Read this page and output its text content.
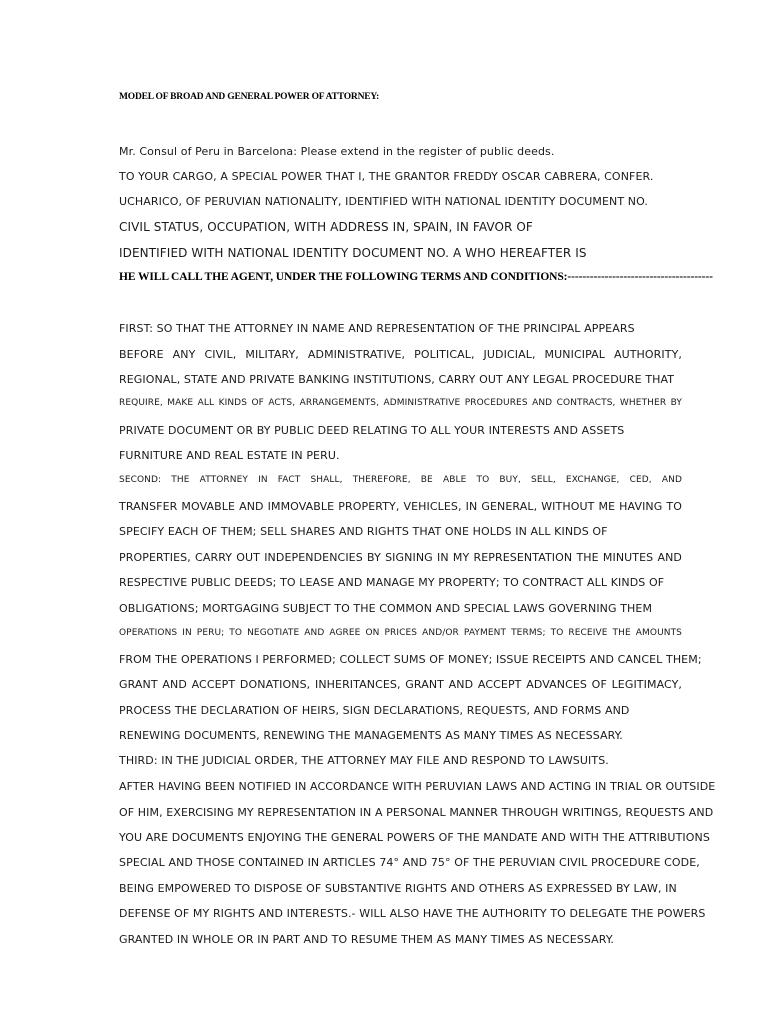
MODEL OF BROAD AND GENERAL POWER OF ATTORNEY:
Mr. Consul of Peru in Barcelona: Please extend in the register of public deeds.
TO YOUR CARGO, A SPECIAL POWER THAT I, THE GRANTOR FREDDY OSCAR CABRERA, CONFER.
UCHARICO, OF PERUVIAN NATIONALITY, IDENTIFIED WITH NATIONAL IDENTITY DOCUMENT NO.
CIVIL STATUS, OCCUPATION, WITH ADDRESS IN, SPAIN, IN FAVOR OF
IDENTIFIED WITH NATIONAL IDENTITY DOCUMENT NO. A WHO HEREAFTER IS
HE WILL CALL THE AGENT, UNDER THE FOLLOWING TERMS AND CONDITIONS:---------------------------------------
FIRST: SO THAT THE ATTORNEY IN NAME AND REPRESENTATION OF THE PRINCIPAL APPEARS
BEFORE ANY CIVIL, MILITARY, ADMINISTRATIVE, POLITICAL, JUDICIAL, MUNICIPAL AUTHORITY,
REGIONAL, STATE AND PRIVATE BANKING INSTITUTIONS, CARRY OUT ANY LEGAL PROCEDURE THAT
REQUIRE, MAKE ALL KINDS OF ACTS, ARRANGEMENTS, ADMINISTRATIVE PROCEDURES AND CONTRACTS, WHETHER BY
PRIVATE DOCUMENT OR BY PUBLIC DEED RELATING TO ALL YOUR INTERESTS AND ASSETS
FURNITURE AND REAL ESTATE IN PERU.
SECOND: THE ATTORNEY IN FACT SHALL, THEREFORE, BE ABLE TO BUY, SELL, EXCHANGE, CED, AND
TRANSFER MOVABLE AND IMMOVABLE PROPERTY, VEHICLES, IN GENERAL, WITHOUT ME HAVING TO
SPECIFY EACH OF THEM; SELL SHARES AND RIGHTS THAT ONE HOLDS IN ALL KINDS OF
PROPERTIES, CARRY OUT INDEPENDENCIES BY SIGNING IN MY REPRESENTATION THE MINUTES AND
RESPECTIVE PUBLIC DEEDS; TO LEASE AND MANAGE MY PROPERTY; TO CONTRACT ALL KINDS OF
OBLIGATIONS; MORTGAGING SUBJECT TO THE COMMON AND SPECIAL LAWS GOVERNING THEM
OPERATIONS IN PERU; TO NEGOTIATE AND AGREE ON PRICES AND/OR PAYMENT TERMS; TO RECEIVE THE AMOUNTS
FROM THE OPERATIONS I PERFORMED; COLLECT SUMS OF MONEY; ISSUE RECEIPTS AND CANCEL THEM;
GRANT AND ACCEPT DONATIONS, INHERITANCES, GRANT AND ACCEPT ADVANCES OF LEGITIMACY,
PROCESS THE DECLARATION OF HEIRS, SIGN DECLARATIONS, REQUESTS, AND FORMS AND
RENEWING DOCUMENTS, RENEWING THE MANAGEMENTS AS MANY TIMES AS NECESSARY.
THIRD: IN THE JUDICIAL ORDER, THE ATTORNEY MAY FILE AND RESPOND TO LAWSUITS.
AFTER HAVING BEEN NOTIFIED IN ACCORDANCE WITH PERUVIAN LAWS AND ACTING IN TRIAL OR OUTSIDE
OF HIM, EXERCISING MY REPRESENTATION IN A PERSONAL MANNER THROUGH WRITINGS, REQUESTS AND
YOU ARE DOCUMENTS ENJOYING THE GENERAL POWERS OF THE MANDATE AND WITH THE ATTRIBUTIONS
SPECIAL AND THOSE CONTAINED IN ARTICLES 74° AND 75° OF THE PERUVIAN CIVIL PROCEDURE CODE,
BEING EMPOWERED TO DISPOSE OF SUBSTANTIVE RIGHTS AND OTHERS AS EXPRESSED BY LAW, IN
DEFENSE OF MY RIGHTS AND INTERESTS.- WILL ALSO HAVE THE AUTHORITY TO DELEGATE THE POWERS
GRANTED IN WHOLE OR IN PART AND TO RESUME THEM AS MANY TIMES AS NECESSARY.
